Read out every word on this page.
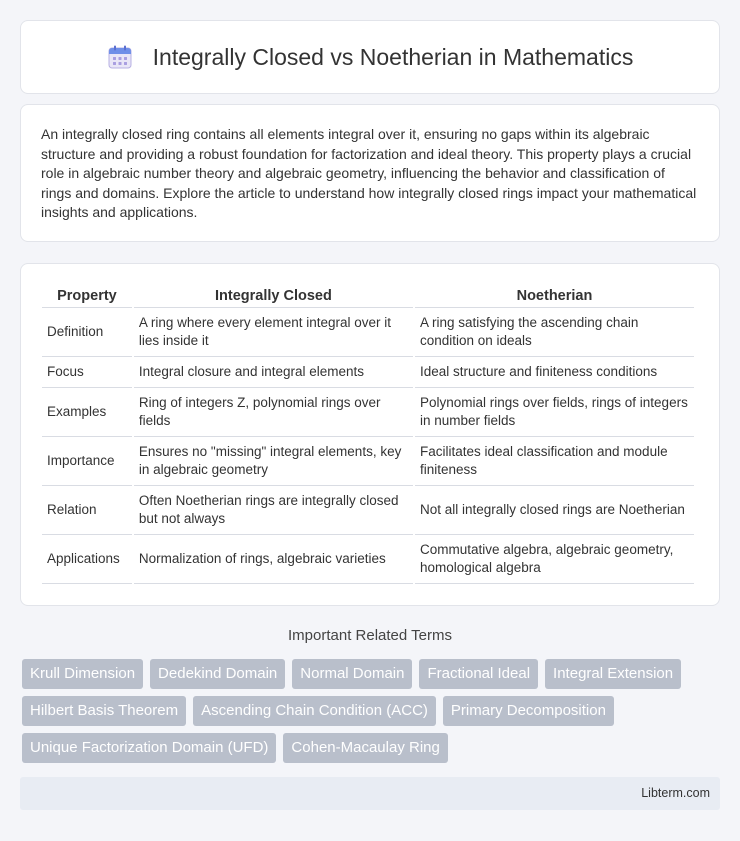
Integrally Closed vs Noetherian in Mathematics

An integrally closed ring contains all elements integral over it, ensuring no gaps within its algebraic structure and providing a robust foundation for factorization and ideal theory. This property plays a crucial role in algebraic number theory and algebraic geometry, influencing the behavior and classification of rings and domains. Explore the article to understand how integrally closed rings impact your mathematical insights and applications.

Property	Integrally Closed	Noetherian
Definition	A ring where every element integral over it lies inside it	A ring satisfying the ascending chain condition on ideals
Focus	Integral closure and integral elements	Ideal structure and finiteness conditions
Examples	Ring of integers Z, polynomial rings over fields	Polynomial rings over fields, rings of integers in number fields
Importance	Ensures no "missing" integral elements, key in algebraic geometry	Facilitates ideal classification and module finiteness
Relation	Often Noetherian rings are integrally closed but not always	Not all integrally closed rings are Noetherian
Applications	Normalization of rings, algebraic varieties	Commutative algebra, algebraic geometry, homological algebra
Important Related Terms
Krull Dimension	Dedekind Domain	Normal Domain	Fractional Ideal	Integral Extension
Hilbert Basis Theorem	Ascending Chain Condition (ACC)	Primary Decomposition
Unique Factorization Domain (UFD)	Cohen-Macaulay Ring
Libterm.com
